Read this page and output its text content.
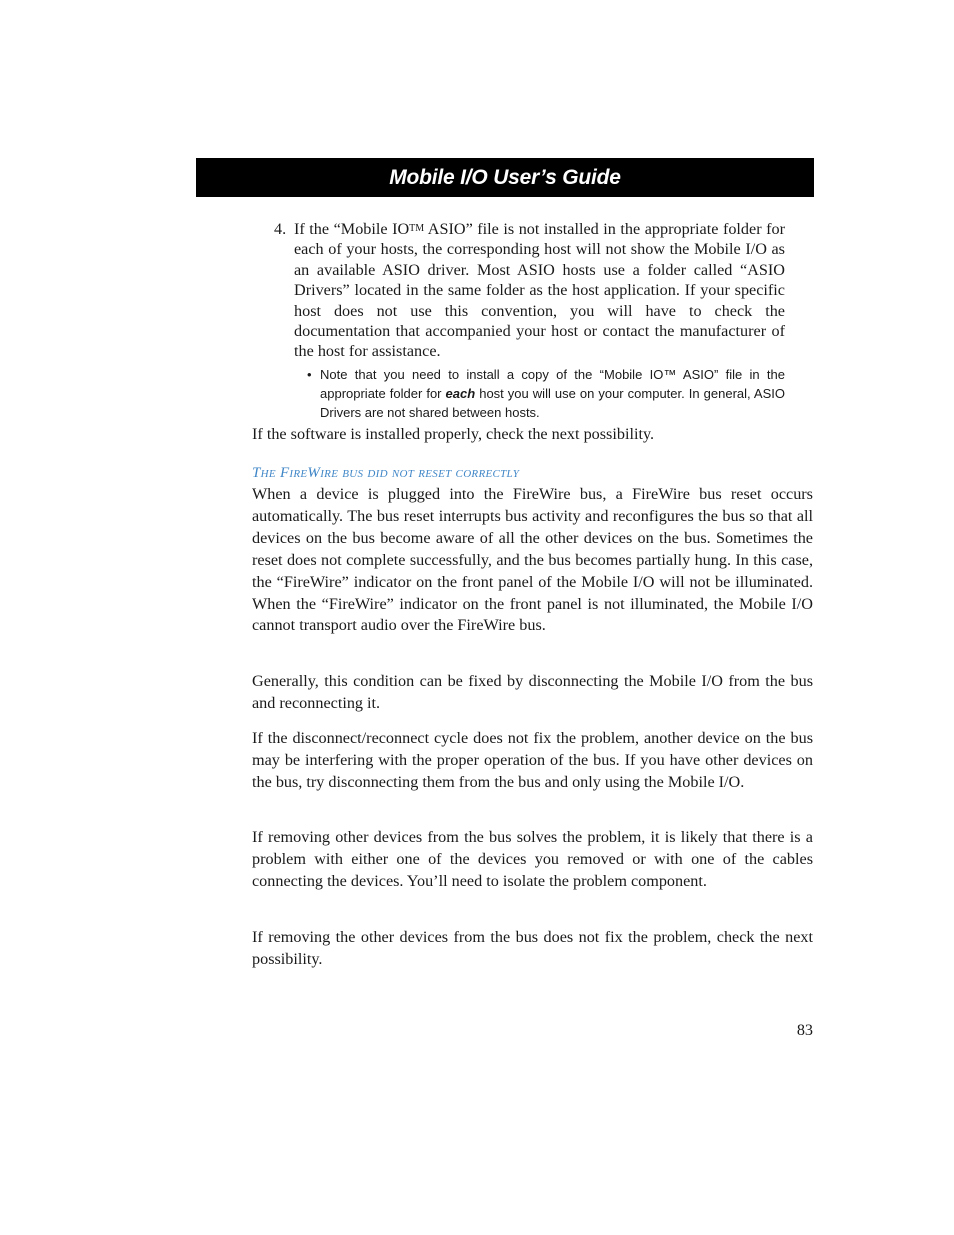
Mobile I/O User’s Guide
4. If the “Mobile IO™ ASIO” file is not installed in the appropriate folder for each of your hosts, the corresponding host will not show the Mobile I/O as an available ASIO driver. Most ASIO hosts use a folder called “ASIO Drivers” located in the same folder as the host application. If your specific host does not use this convention, you will have to check the documentation that accompanied your host or contact the manufacturer of the host for assistance.
• Note that you need to install a copy of the “Mobile IO™ ASIO” file in the appropriate folder for each host you will use on your computer. In general, ASIO Drivers are not shared between hosts.
If the software is installed properly, check the next possibility.
The FireWire bus did not reset correctly
When a device is plugged into the FireWire bus, a FireWire bus reset occurs automatically. The bus reset interrupts bus activity and reconfigures the bus so that all devices on the bus become aware of all the other devices on the bus. Sometimes the reset does not complete successfully, and the bus becomes partially hung. In this case, the “FireWire” indicator on the front panel of the Mobile I/O will not be illuminated. When the “FireWire” indicator on the front panel is not illuminated, the Mobile I/O cannot transport audio over the FireWire bus.
Generally, this condition can be fixed by disconnecting the Mobile I/O from the bus and reconnecting it.
If the disconnect/reconnect cycle does not fix the problem, another device on the bus may be interfering with the proper operation of the bus. If you have other devices on the bus, try disconnecting them from the bus and only using the Mobile I/O.
If removing other devices from the bus solves the problem, it is likely that there is a problem with either one of the devices you removed or with one of the cables connecting the devices. You’ll need to isolate the problem component.
If removing the other devices from the bus does not fix the problem, check the next possibility.
83
